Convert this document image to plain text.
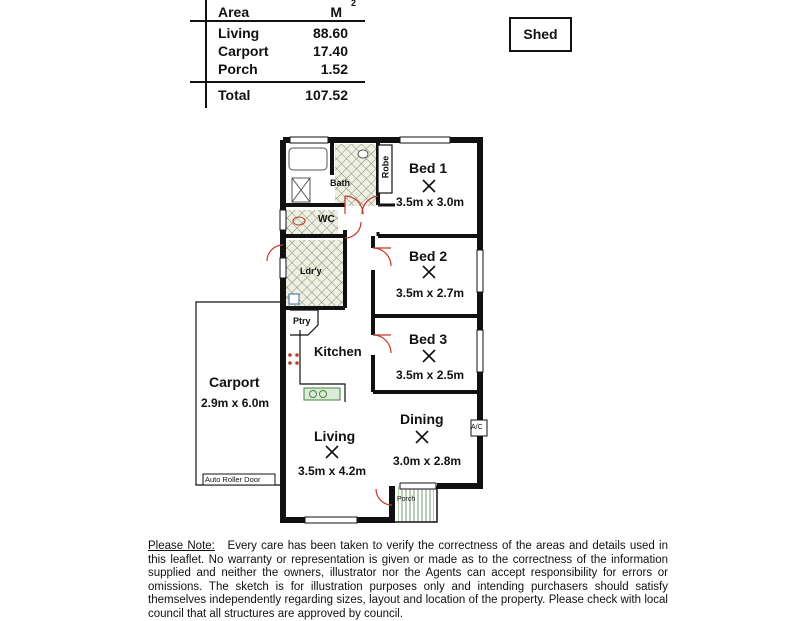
Area	M
2
Living	88.60
Carport	17.40
Porch	1.52
Total	107.52
Shed
Bath
Robe
WC
Ldr'y
Ptry
Kitchen
Bed 1
3.5m x 3.0m
Bed 2
3.5m x 2.7m
Bed 3
3.5m x 2.5m
Carport
2.9m x 6.0m
Living
3.5m x 4.2m
Dining
3.0m x 2.8m
Porch
A/C
Auto Roller Door
Please Note: Every care has been taken to verify the correctness of the areas and details used in this leaflet. No warranty or representation is given or made as to the correctness of the information supplied and neither the owners, illustrator nor the Agents can accept responsibility for errors or omissions. The sketch is for illustration purposes only and intending purchasers should satisfy themselves independently regarding sizes, layout and location of the property. Please check with local council that all structures are approved by council.
